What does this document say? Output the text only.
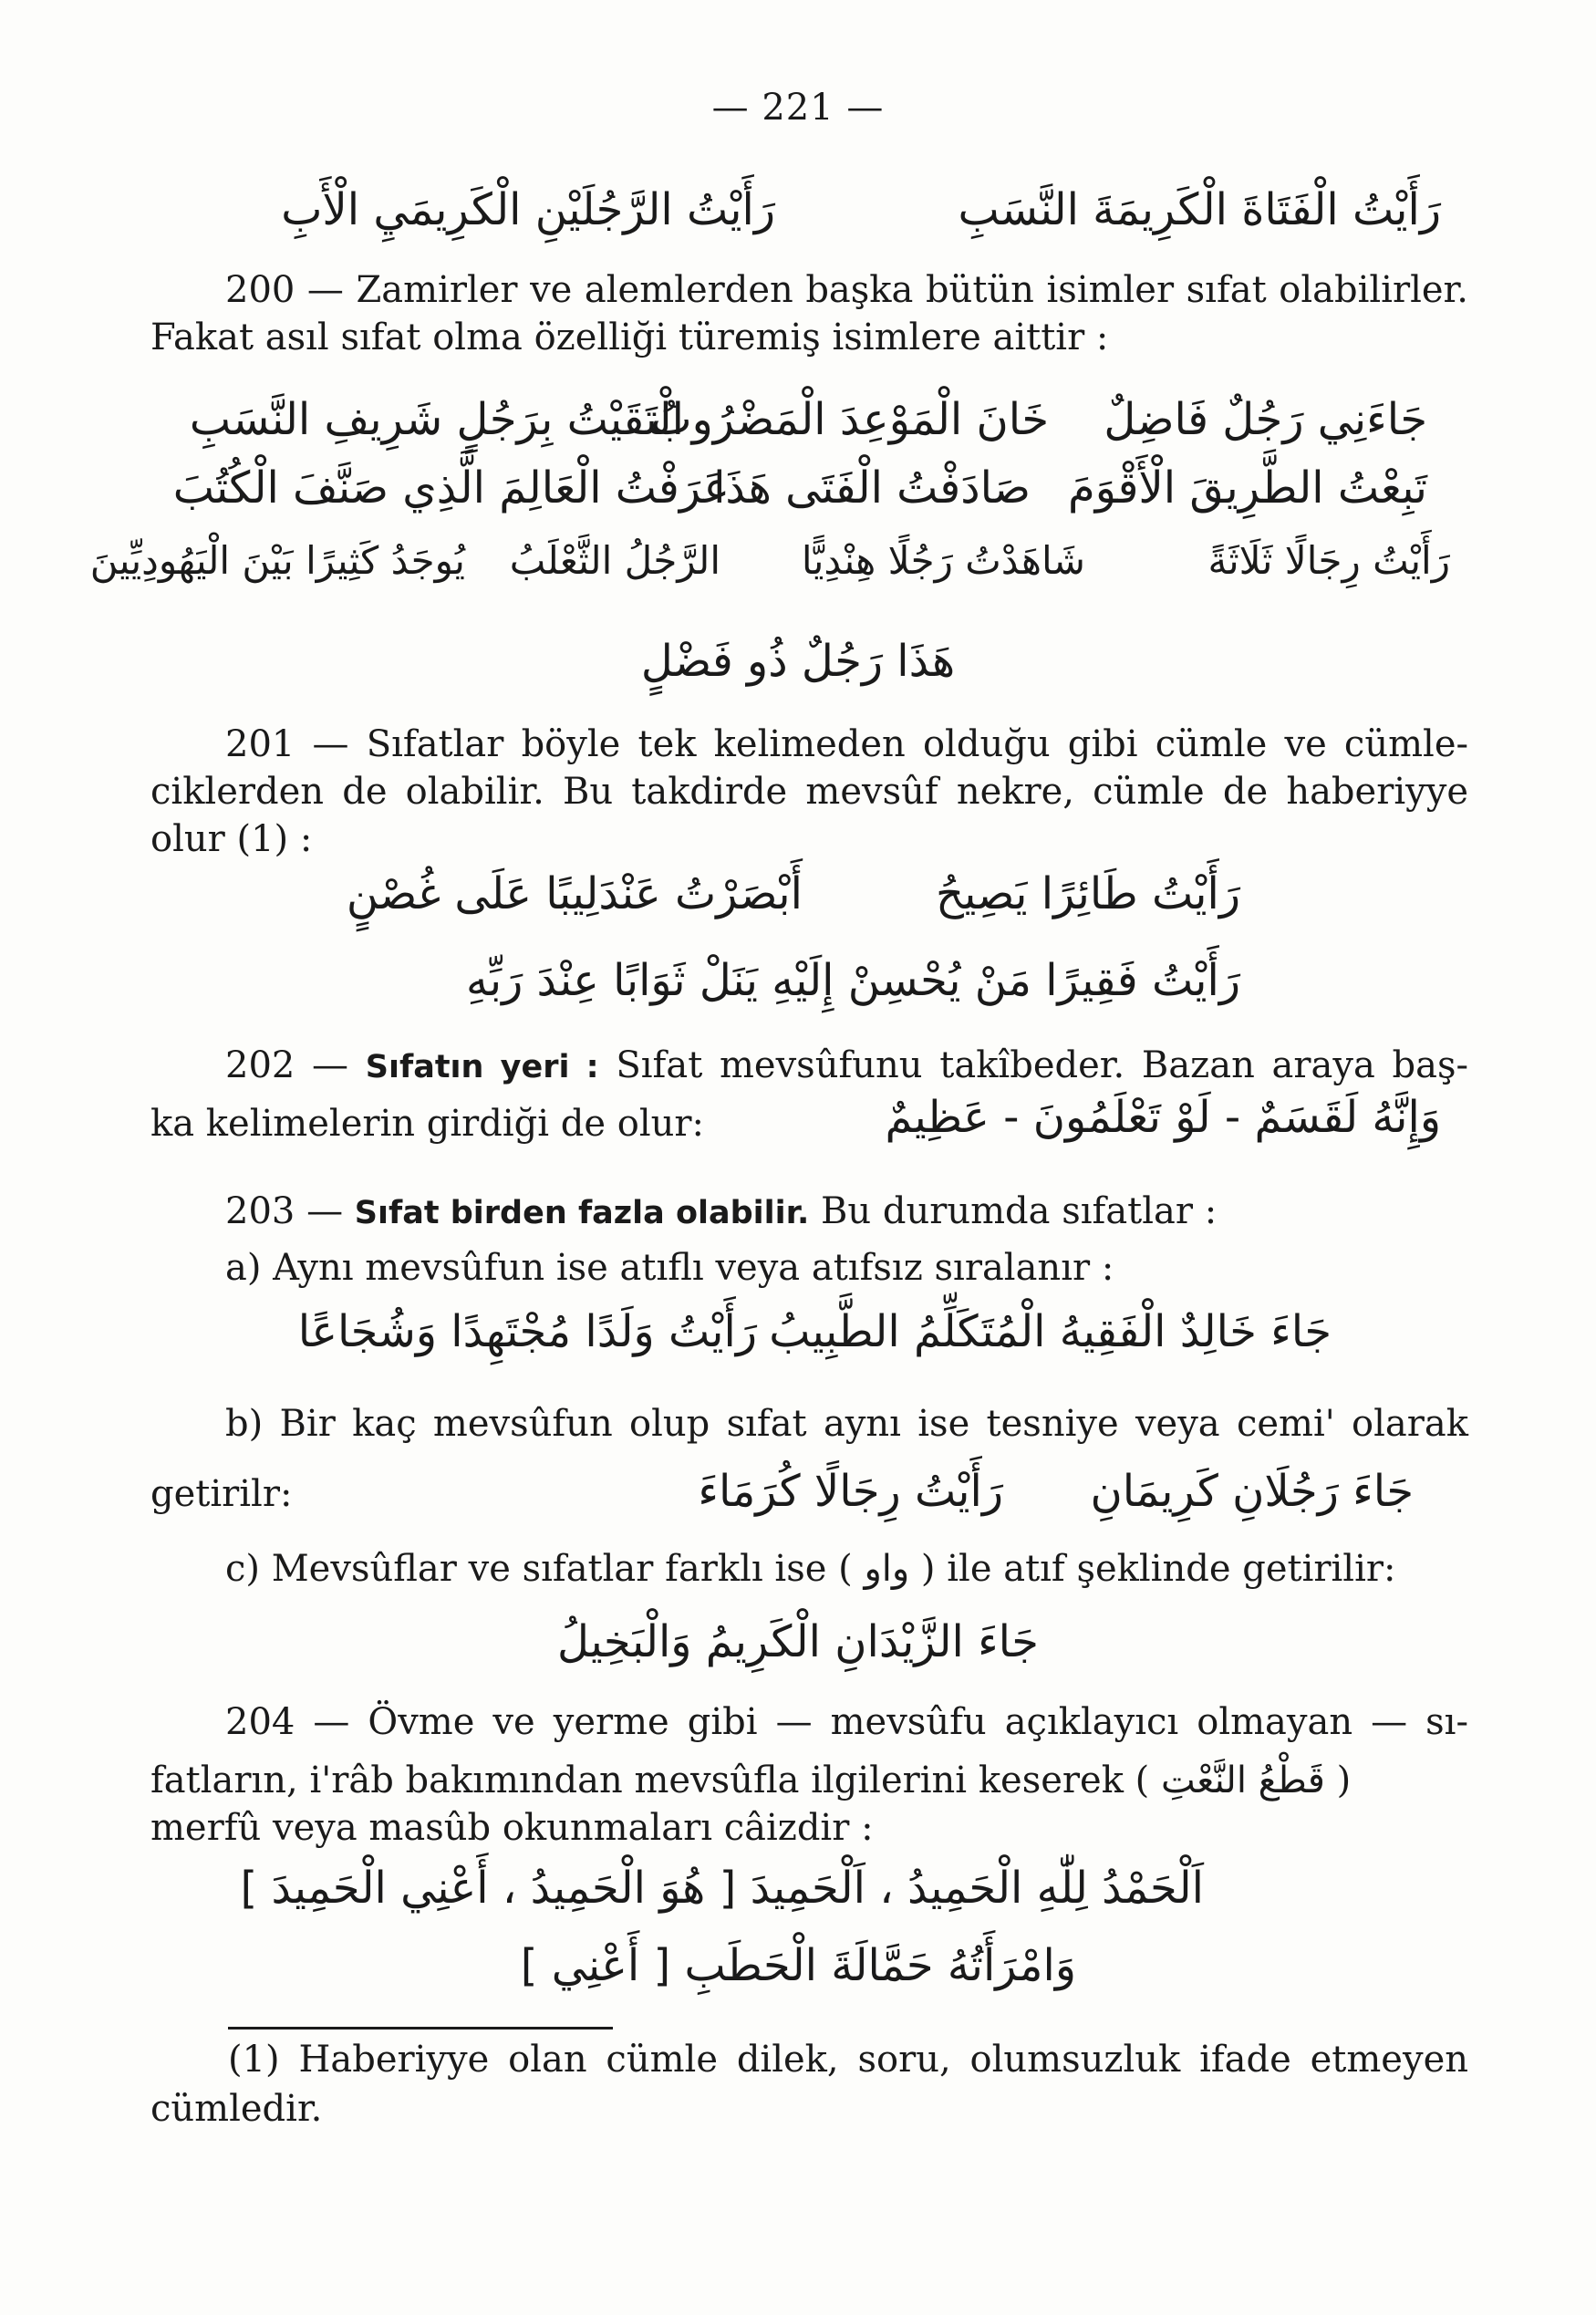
— 221 —
رَأَيْتُ الْفَتَاةَ الْكَرِيمَةَ النَّسَبِ
رَأَيْتُ الرَّجُلَيْنِ الْكَرِيمَيِ الْأَبِ
200 — Zamirler ve alemlerden başka bütün isimler sıfat olabilirler.
Fakat asıl sıfat olma özelliği türemiş isimlere aittir :
جَاءَنِي رَجُلٌ فَاضِلٌ
خَانَ الْمَوْعِدَ الْمَضْرُوبُ
الْتَقَيْتُ بِرَجُلٍ شَرِيفِ النَّسَبِ
تَبِعْتُ الطَّرِيقَ الْأَقْوَمَ
صَادَفْتُ الْفَتَى هَذَا
عَرَفْتُ الْعَالِمَ الَّذِي صَنَّفَ الْكُتُبَ
رَأَيْتُ رِجَالًا ثَلَاثَةً
شَاهَدْتُ رَجُلًا هِنْدِيًّا
الرَّجُلُ الثَّعْلَبُ
يُوجَدُ كَثِيرًا بَيْنَ الْيَهُودِيِّينَ
هَذَا رَجُلٌ ذُو فَضْلٍ
201 — Sıfatlar böyle tek kelimeden olduğu gibi cümle ve cümle-
ciklerden de olabilir. Bu takdirde mevsûf nekre, cümle de haberiyye
olur (1) :
رَأَيْتُ طَائِرًا يَصِيحُ
أَبْصَرْتُ عَنْدَلِيبًا عَلَى غُصْنٍ
رَأَيْتُ فَقِيرًا مَنْ يُحْسِنْ إِلَيْهِ يَنَلْ ثَوَابًا عِنْدَ رَبِّهِ
202 — Sıfatın yeri : Sıfat mevsûfunu takîbeder. Bazan araya baş-
ka kelimelerin girdiği de olur:	وَإِنَّهُ لَقَسَمٌ - لَوْ تَعْلَمُونَ - عَظِيمٌ
203 — Sıfat birden fazla olabilir. Bu durumda sıfatlar :
a) Aynı mevsûfun ise atıflı veya atıfsız sıralanır :
جَاءَ خَالِدٌ الْفَقِيهُ الْمُتَكَلِّمُ الطَّبِيبُ
رَأَيْتُ وَلَدًا مُجْتَهِدًا وَشُجَاعًا
b) Bir kaç mevsûfun olup sıfat aynı ise tesniye veya cemi' olarak
getirilr:	جَاءَ رَجُلَانِ كَرِيمَانِ
رَأَيْتُ رِجَالًا كُرَمَاءَ
c) Mevsûflar ve sıfatlar farklı ise ( واو ) ile atıf şeklinde getirilir:
جَاءَ الزَّيْدَانِ الْكَرِيمُ وَالْبَخِيلُ
204 — Övme ve yerme gibi — mevsûfu açıklayıcı olmayan — sı-
fatların, i'râb bakımından mevsûfla ilgilerini keserek ( قَطْعُ النَّعْتِ )
merfû veya masûb okunmaları câizdir :
اَلْحَمْدُ لِلّٰهِ الْحَمِيدُ ، اَلْحَمِيدَ [ هُوَ الْحَمِيدُ ، أَعْنِي الْحَمِيدَ ]
وَامْرَأَتُهُ حَمَّالَةَ الْحَطَبِ [ أَعْنِي ]
(1) Haberiyye olan cümle dilek, soru, olumsuzluk ifade etmeyen
cümledir.
